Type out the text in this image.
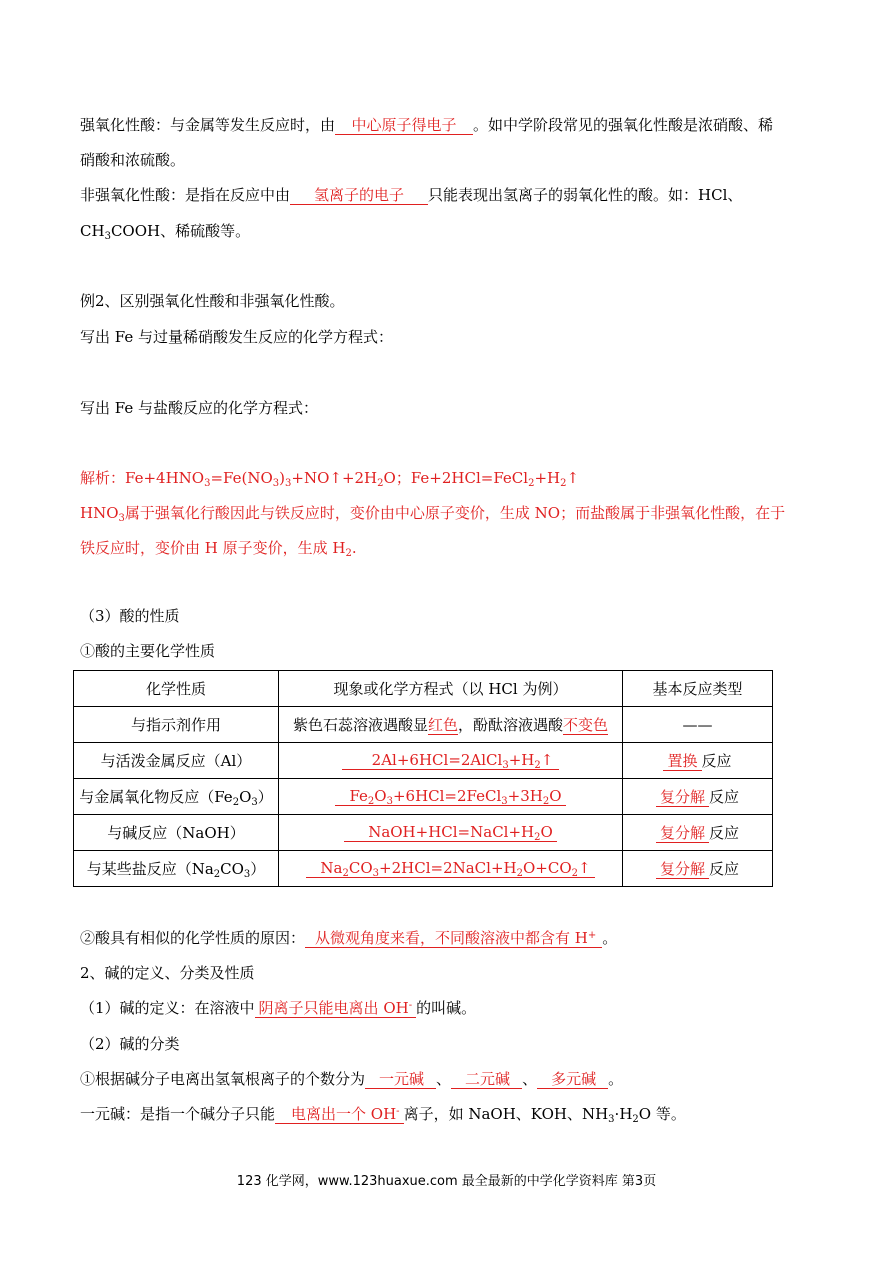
强氧化性酸：与金属等发生反应时，由 中心原子得电子 。如中学阶段常见的强氧化性酸是浓硝酸、稀
硝酸和浓硫酸。
非强氧化性酸：是指在反应中由 氢离子的电子 只能表现出氢离子的弱氧化性的酸。如：HCl、
$CH_3COOH$、稀硫酸等。
例2、区别强氧化性酸和非强氧化性酸。
写出 Fe 与过量稀硝酸发生反应的化学方程式：
写出 Fe 与盐酸反应的化学方程式：
解析：$Fe+4HNO_3=Fe(NO_3)_3+NO↑+2H_2O$；$Fe+2HCl=FeCl_2+H_2↑$
$HNO_3$属于强氧化行酸因此与铁反应时，变价由中心原子变价，生成 NO；而盐酸属于非强氧化性酸，在于
铁反应时，变价由 H 原子变价，生成 $H_2$.
（3）酸的性质
①酸的主要化学性质
化学性质	现象或化学方程式（以 HCl 为例）	基本反应类型
与指示剂作用	紫色石蕊溶液遇酸显红色，酚酞溶液遇酸不变色	——
与活泼金属反应（Al）	$2Al+6HCl=2AlCl_3+H_2↑$	置换 反应
与金属氧化物反应$(Fe_2O_3)$	$Fe_2O_3+6HCl=2FeCl_3+3H_2O$	复分解 反应
与碱反应（NaOH）	$NaOH+HCl=NaCl+H_2O$	复分解 反应
与某些盐反应$(Na_2CO_3)$	$Na_2CO_3+2HCl=2NaCl+H_2O+CO_2↑$	复分解 反应
②酸具有相似的化学性质的原因： 从微观角度来看，不同酸溶液中都含有 H+ 。
2、碱的定义、分类及性质
（1）碱的定义：在溶液中 阴离子只能电离出 OH- 的叫碱。
（2）碱的分类
①根据碱分子电离出氢氧根离子的个数分为 一元碱 、 二元碱 、 多元碱 。
一元碱：是指一个碱分子只能 电离出一个 OH- 离子，如 NaOH、KOH、$NH_3\cdot H_2O$ 等。
123 化学网，www.123huaxue.com 最全最新的中学化学资料库 第3页
